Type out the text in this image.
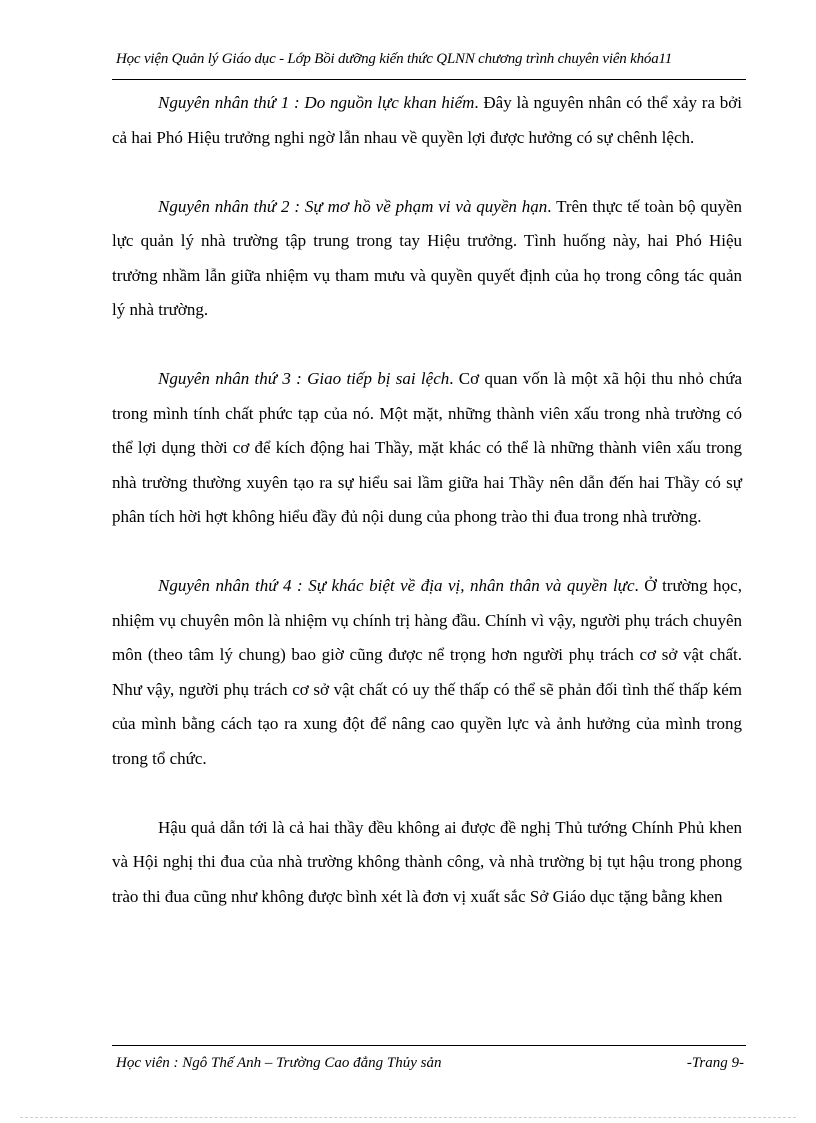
Học viện Quản lý Giáo dục - Lớp Bồi dưỡng kiến thức QLNN chương trình chuyên viên khóa11

Nguyên nhân thứ 1 : Do nguồn lực khan hiếm. Đây là nguyên nhân có thể xảy ra bởi cả hai Phó Hiệu trưởng nghi ngờ lẫn nhau về quyền lợi được hưởng có sự chênh lệch.

Nguyên nhân thứ 2 : Sự mơ hồ về phạm vi và quyền hạn. Trên thực tế toàn bộ quyền lực quản lý nhà trường tập trung trong tay Hiệu trưởng. Tình huống này, hai Phó Hiệu trưởng nhầm lẫn giữa nhiệm vụ tham mưu và quyền quyết định của họ trong công tác quản lý nhà trường.

Nguyên nhân thứ 3 : Giao tiếp bị sai lệch. Cơ quan vốn là một xã hội thu nhỏ chứa trong mình tính chất phức tạp của nó. Một mặt, những thành viên xấu trong nhà trường có thể lợi dụng thời cơ để kích động hai Thầy, mặt khác có thể là những thành viên xấu trong nhà trường thường xuyên tạo ra sự hiểu sai lầm giữa hai Thầy nên dẫn đến hai Thầy có sự phân tích hời hợt không hiểu đầy đủ nội dung của phong trào thi đua trong nhà trường.

Nguyên nhân thứ 4 : Sự khác biệt về địa vị, nhân thân và quyền lực. Ở trường học, nhiệm vụ chuyên môn là nhiệm vụ chính trị hàng đầu. Chính vì vậy, người phụ trách chuyên môn (theo tâm lý chung) bao giờ cũng được nể trọng hơn người phụ trách cơ sở vật chất. Như vậy, người phụ trách cơ sở vật chất có uy thế thấp có thể sẽ phản đối tình thế thấp kém của mình bằng cách tạo ra xung đột để nâng cao quyền lực và ảnh hưởng của mình trong trong tổ chức.

Hậu quả dẫn tới là cả hai thầy đều không ai được đề nghị Thủ tướng Chính Phủ khen và Hội nghị thi đua của nhà trường không thành công, và nhà trường bị tụt hậu trong phong trào thi đua cũng như không được bình xét là đơn vị xuất sắc Sở Giáo dục tặng bằng khen

Học viên : Ngô Thế Anh – Trường Cao đẳng Thủy sản	-Trang 9-
